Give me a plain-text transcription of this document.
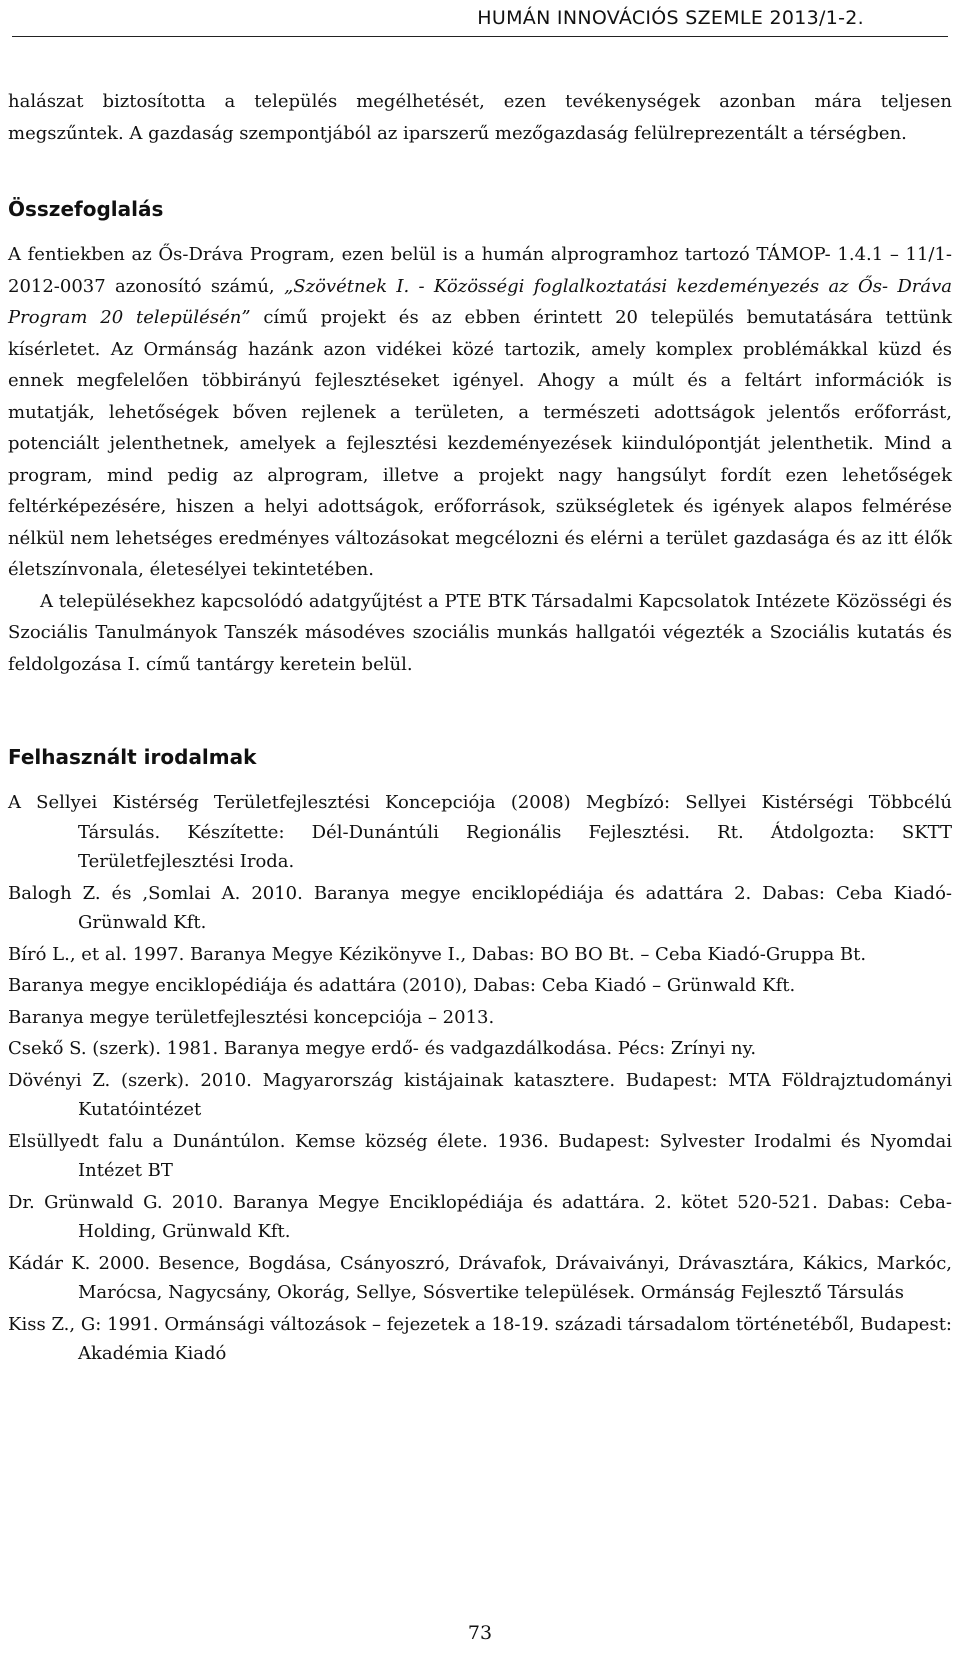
HUMÁN INNOVÁCIÓS SZEMLE 2013/1-2.

halászat biztosította a település megélhetését, ezen tevékenységek azonban mára teljesen megszűntek. A gazdaság szempontjából az iparszerű mezőgazdaság felülreprezentált a térségben.

Összefoglalás

A fentiekben az Ős-Dráva Program, ezen belül is a humán alprogramhoz tartozó TÁMOP- 1.4.1 – 11/1- 2012-0037 azonosító számú, „Szövétnek I. - Közösségi foglalkoztatási kezdeményezés az Ős- Dráva Program 20 településén” című projekt és az ebben érintett 20 település bemutatására tettünk kísérletet. Az Ormánság hazánk azon vidékei közé tartozik, amely komplex problémákkal küzd és ennek megfelelően többirányú fejlesztéseket igényel. Ahogy a múlt és a feltárt információk is mutatják, lehetőségek bőven rejlenek a területen, a természeti adottságok jelentős erőforrást, potenciált jelenthetnek, amelyek a fejlesztési kezdeményezések kiindulópontját jelenthetik. Mind a program, mind pedig az alprogram, illetve a projekt nagy hangsúlyt fordít ezen lehetőségek feltérképezésére, hiszen a helyi adottságok, erőforrások, szükségletek és igények alapos felmérése nélkül nem lehetséges eredményes változásokat megcélozni és elérni a terület gazdasága és az itt élők életszínvonala, életesélyei tekintetében.

A településekhez kapcsolódó adatgyűjtést a PTE BTK Társadalmi Kapcsolatok Intézete Közösségi és Szociális Tanulmányok Tanszék másodéves szociális munkás hallgatói végezték a Szociális kutatás és feldolgozása I. című tantárgy keretein belül.

Felhasznált irodalmak
A Sellyei Kistérség Területfejlesztési Koncepciója (2008) Megbízó: Sellyei Kistérségi Többcélú Társulás. Készítette: Dél-Dunántúli Regionális Fejlesztési. Rt. Átdolgozta: SKTT Területfejlesztési Iroda.
Balogh Z. és ,Somlai A. 2010. Baranya megye enciklopédiája és adattára 2. Dabas: Ceba Kiadó-Grünwald Kft.
Bíró L., et al. 1997. Baranya Megye Kézikönyve I., Dabas: BO BO Bt. – Ceba Kiadó-Gruppa Bt.
Baranya megye enciklopédiája és adattára (2010), Dabas: Ceba Kiadó – Grünwald Kft.
Baranya megye területfejlesztési koncepciója – 2013.
Csekő S. (szerk). 1981. Baranya megye erdő- és vadgazdálkodása. Pécs: Zrínyi ny.
Dövényi Z. (szerk). 2010. Magyarország kistájainak katasztere. Budapest: MTA Földrajztudományi Kutatóintézet
Elsüllyedt falu a Dunántúlon. Kemse község élete. 1936. Budapest: Sylvester Irodalmi és Nyomdai Intézet BT
Dr. Grünwald G. 2010. Baranya Megye Enciklopédiája és adattára. 2. kötet 520-521. Dabas: Ceba-Holding, Grünwald Kft.
Kádár K. 2000. Besence, Bogdása, Csányoszró, Drávafok, Drávaiványi, Drávasztára, Kákics, Markóc, Marócsa, Nagycsány, Okorág, Sellye, Sósvertike települések. Ormánság Fejlesztő Társulás
Kiss Z., G: 1991. Ormánsági változások – fejezetek a 18-19. századi társadalom történetéből, Budapest: Akadémia Kiadó
73
